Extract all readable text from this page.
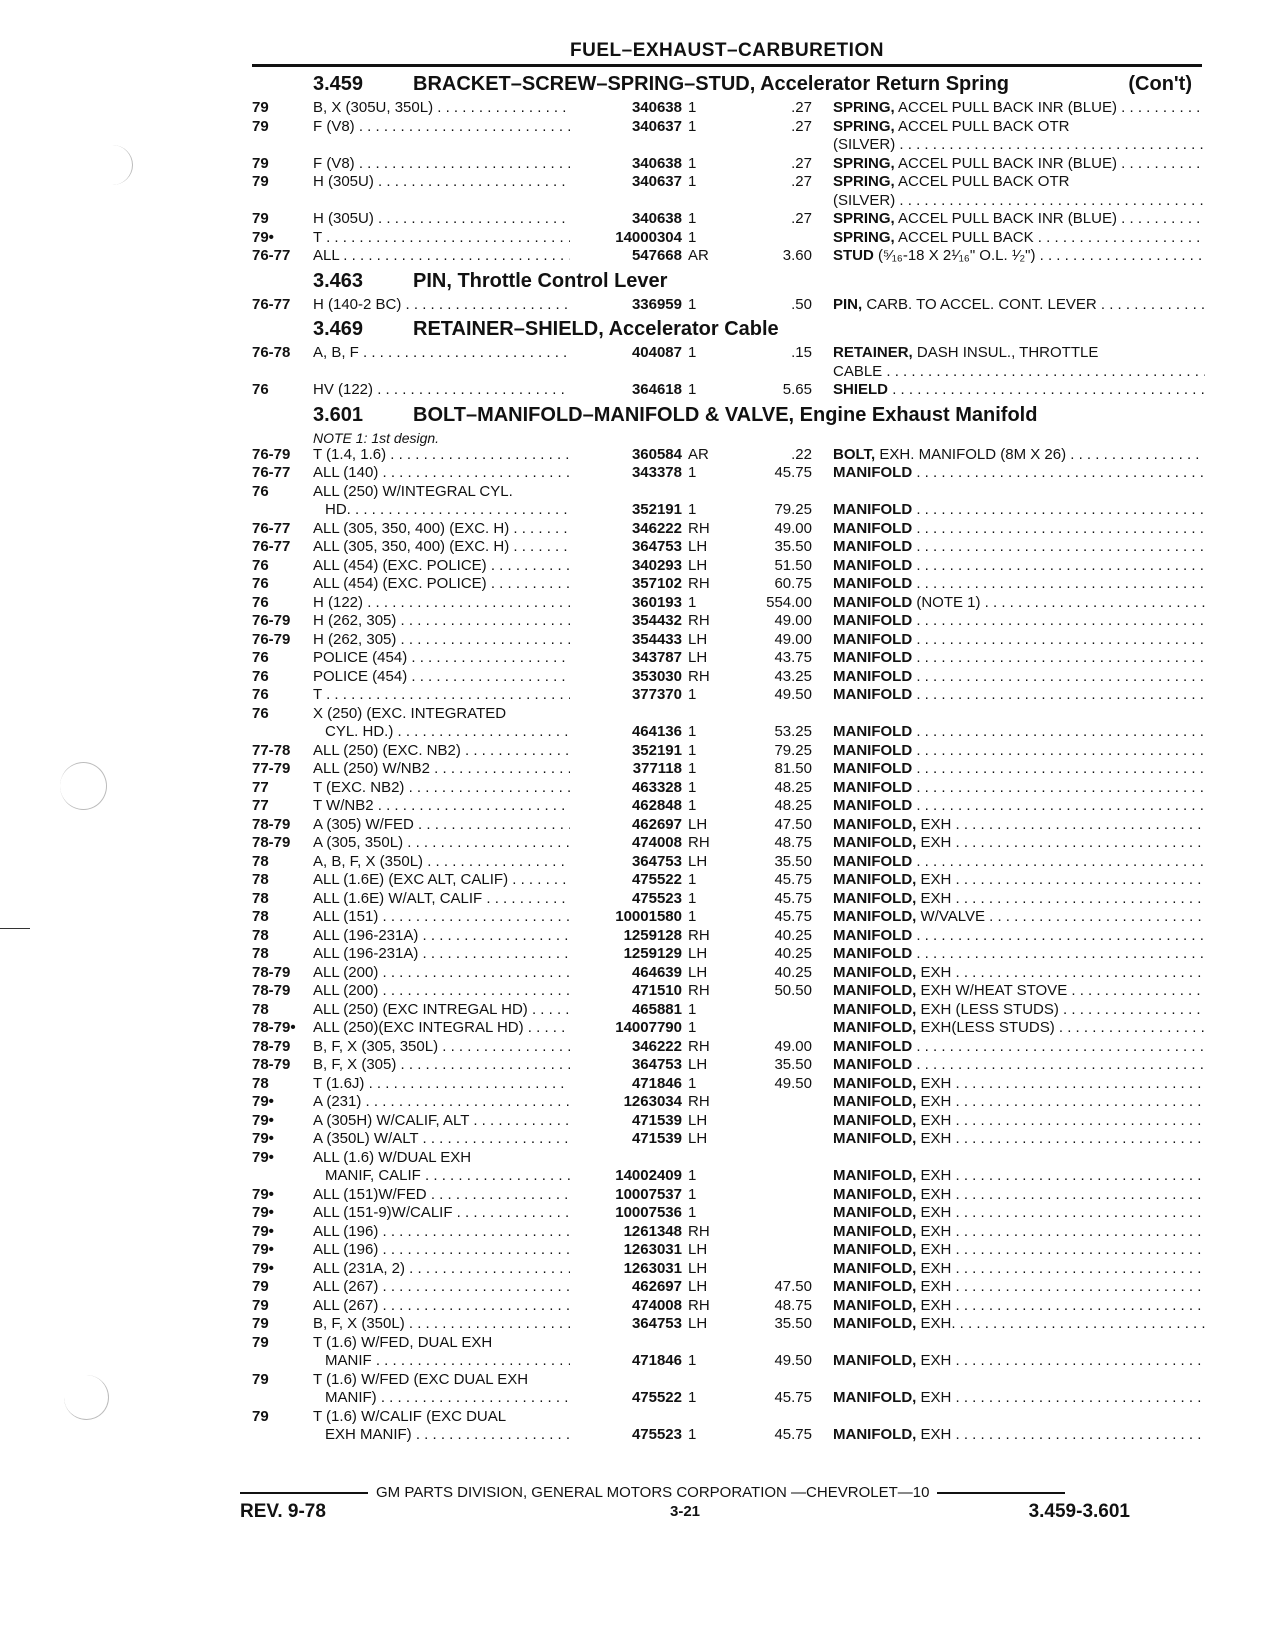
FUEL–EXHAUST–CARBURETION
3.459 BRACKET–SCREW–SPRING–STUD, Accelerator Return Spring	(Con't)
79	B, X (305U, 350L) . . .	340638 1	.27 SPRING, ACCEL PULL BACK INR (BLUE) . . .
79	F (V8) . . .	340637 1	.27 SPRING, ACCEL PULL BACK OTR
(SILVER) . . .
79	F (V8) . . .	340638 1	.27 SPRING, ACCEL PULL BACK INR (BLUE) . . .
79	H (305U) . . .	340637 1	.27 SPRING, ACCEL PULL BACK OTR
(SILVER) . . .
79	H (305U) . . .	340638 1	.27 SPRING, ACCEL PULL BACK INR (BLUE) . . .
79•	T . . .	14000304 1	SPRING, ACCEL PULL BACK . . .
76-77	ALL . . .	547668 AR	3.60 STUD (⁵⁄₁₆-18 X 2¹⁄₁₆" O.L. ¹⁄₂") . . .
3.463 PIN, Throttle Control Lever
76-77	H (140-2 BC) . . .	336959 1	.50 PIN, CARB. TO ACCEL. CONT. LEVER . . .
3.469 RETAINER–SHIELD, Accelerator Cable
76-78	A, B, F . . .	404087 1	.15 RETAINER, DASH INSUL., THROTTLE
CABLE . . .
76	HV (122) . . .	364618 1	5.65 SHIELD . . .
3.601 BOLT–MANIFOLD–MANIFOLD & VALVE, Engine Exhaust Manifold
NOTE 1: 1st design.
76-79	T (1.4, 1.6) . . .	360584 AR	.22 BOLT, EXH. MANIFOLD (8M X 26) . . .
76-77	ALL (140) . . .	343378 1	45.75 MANIFOLD . . .
76	ALL (250) W/INTEGRAL CYL.
HD. . . .	352191 1	79.25 MANIFOLD . . .
76-77	ALL (305, 350, 400) (EXC. H) . . .	346222 RH	49.00 MANIFOLD . . .
76-77	ALL (305, 350, 400) (EXC. H) . . .	364753 LH	35.50 MANIFOLD . . .
76	ALL (454) (EXC. POLICE) . . .	340293 LH	51.50 MANIFOLD . . .
76	ALL (454) (EXC. POLICE) . . .	357102 RH	60.75 MANIFOLD . . .
76	H (122) . . .	360193 1	554.00 MANIFOLD (NOTE 1) . . .
76-79	H (262, 305) . . .	354432 RH	49.00 MANIFOLD . . .
76-79	H (262, 305) . . .	354433 LH	49.00 MANIFOLD . . .
76	POLICE (454) . . .	343787 LH	43.75 MANIFOLD . . .
76	POLICE (454) . . .	353030 RH	43.25 MANIFOLD . . .
76	T . . .	377370 1	49.50 MANIFOLD . . .
76	X (250) (EXC. INTEGRATED
CYL. HD.) . . .	464136 1	53.25 MANIFOLD . . .
77-78	ALL (250) (EXC. NB2) . . .	352191 1	79.25 MANIFOLD . . .
77-79	ALL (250) W/NB2 . . .	377118 1	81.50 MANIFOLD . . .
77	T (EXC. NB2) . . .	463328 1	48.25 MANIFOLD . . .
77	T W/NB2 . . .	462848 1	48.25 MANIFOLD . . .
78-79	A (305) W/FED . . .	462697 LH	47.50 MANIFOLD, EXH . . .
78-79	A (305, 350L) . . .	474008 RH	48.75 MANIFOLD, EXH . . .
78	A, B, F, X (350L) . . .	364753 LH	35.50 MANIFOLD . . .
78	ALL (1.6E) (EXC ALT, CALIF) . . .	475522 1	45.75 MANIFOLD, EXH . . .
78	ALL (1.6E) W/ALT, CALIF . . .	475523 1	45.75 MANIFOLD, EXH . . .
78	ALL (151) . . .	10001580 1	45.75 MANIFOLD, W/VALVE . . .
78	ALL (196-231A) . . .	1259128 RH	40.25 MANIFOLD . . .
78	ALL (196-231A) . . .	1259129 LH	40.25 MANIFOLD . . .
78-79	ALL (200) . . .	464639 LH	40.25 MANIFOLD, EXH . . .
78-79	ALL (200) . . .	471510 RH	50.50 MANIFOLD, EXH W/HEAT STOVE . . .
78	ALL (250) (EXC INTREGAL HD) . . .	465881 1	MANIFOLD, EXH (LESS STUDS) . . .
78-79•	ALL (250)(EXC INTEGRAL HD) . . .	14007790 1	MANIFOLD, EXH(LESS STUDS) . . .
78-79	B, F, X (305, 350L) . . .	346222 RH	49.00 MANIFOLD . . .
78-79	B, F, X (305) . . .	364753 LH	35.50 MANIFOLD . . .
78	T (1.6J) . . .	471846 1	49.50 MANIFOLD, EXH . . .
79•	A (231) . . .	1263034 RH	MANIFOLD, EXH . . .
79•	A (305H) W/CALIF, ALT . . .	471539 LH	MANIFOLD, EXH . . .
79•	A (350L) W/ALT . . .	471539 LH	MANIFOLD, EXH . . .
79•	ALL (1.6) W/DUAL EXH
MANIF, CALIF . . .	14002409 1	MANIFOLD, EXH . . .
79•	ALL (151)W/FED . . .	10007537 1	MANIFOLD, EXH . . .
79•	ALL (151-9)W/CALIF . . .	10007536 1	MANIFOLD, EXH . . .
79•	ALL (196) . . .	1261348 RH	MANIFOLD, EXH . . .
79•	ALL (196) . . .	1263031 LH	MANIFOLD, EXH . . .
79•	ALL (231A, 2) . . .	1263031 LH	MANIFOLD, EXH . . .
79	ALL (267) . . .	462697 LH	47.50 MANIFOLD, EXH . . .
79	ALL (267) . . .	474008 RH	48.75 MANIFOLD, EXH . . .
79	B, F, X (350L) . . .	364753 LH	35.50 MANIFOLD, EXH. . . .
79	T (1.6) W/FED, DUAL EXH
MANIF . . .	471846 1	49.50 MANIFOLD, EXH . . .
79	T (1.6) W/FED (EXC DUAL EXH
MANIF) . . .	475522 1	45.75 MANIFOLD, EXH . . .
79	T (1.6) W/CALIF (EXC DUAL
EXH MANIF) . . .	475523 1	45.75 MANIFOLD, EXH . . .
GM PARTS DIVISION, GENERAL MOTORS CORPORATION —CHEVROLET—10
REV. 9-78	3-21	3.459-3.601
